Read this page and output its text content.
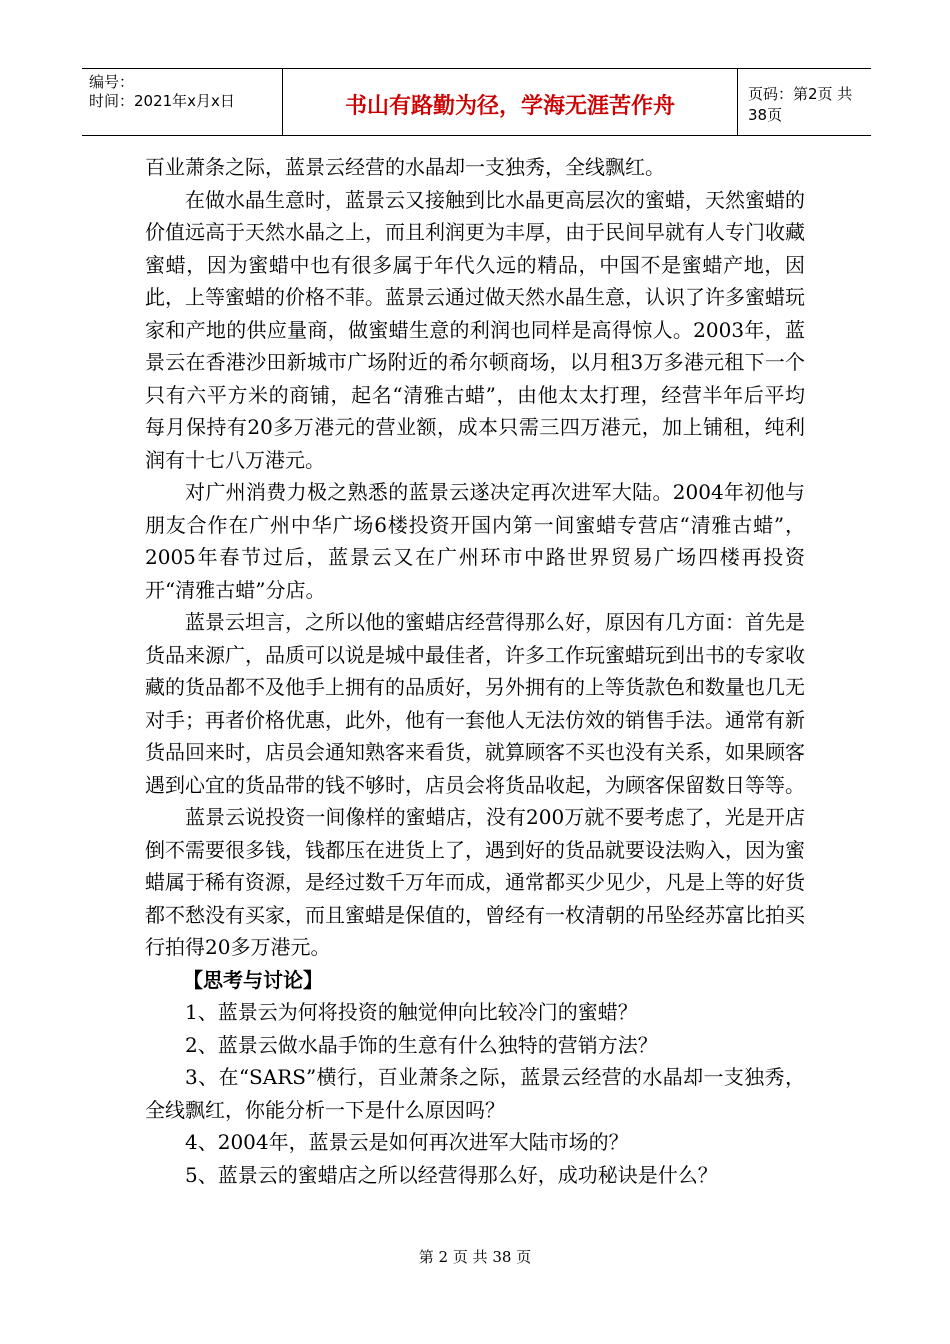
编号：
时间：2021年x月x日	书山有路勤为径，学海无涯苦作舟	页码：第2页 共38页

百业萧条之际，蓝景云经营的水晶却一支独秀，全线飘红。

在做水晶生意时，蓝景云又接触到比水晶更高层次的蜜蜡，天然蜜蜡的价值远高于天然水晶之上，而且利润更为丰厚，由于民间早就有人专门收藏蜜蜡，因为蜜蜡中也有很多属于年代久远的精品，中国不是蜜蜡产地，因此，上等蜜蜡的价格不菲。蓝景云通过做天然水晶生意，认识了许多蜜蜡玩家和产地的供应量商，做蜜蜡生意的利润也同样是高得惊人。2003年，蓝景云在香港沙田新城市广场附近的希尔顿商场，以月租3万多港元租下一个只有六平方米的商铺，起名“清雅古蜡”，由他太太打理，经营半年后平均每月保持有20多万港元的营业额，成本只需三四万港元，加上铺租，纯利润有十七八万港元。

对广州消费力极之熟悉的蓝景云遂决定再次进军大陆。2004年初他与朋友合作在广州中华广场6楼投资开国内第一间蜜蜡专营店“清雅古蜡”，2005年春节过后，蓝景云又在广州环市中路世界贸易广场四楼再投资开“清雅古蜡”分店。

蓝景云坦言，之所以他的蜜蜡店经营得那么好，原因有几方面：首先是货品来源广，品质可以说是城中最佳者，许多工作玩蜜蜡玩到出书的专家收藏的货品都不及他手上拥有的品质好，另外拥有的上等货款色和数量也几无对手；再者价格优惠，此外，他有一套他人无法仿效的销售手法。通常有新货品回来时，店员会通知熟客来看货，就算顾客不买也没有关系，如果顾客遇到心宜的货品带的钱不够时，店员会将货品收起，为顾客保留数日等等。

蓝景云说投资一间像样的蜜蜡店，没有200万就不要考虑了，光是开店倒不需要很多钱，钱都压在进货上了，遇到好的货品就要设法购入，因为蜜蜡属于稀有资源，是经过数千万年而成，通常都买少见少，凡是上等的好货都不愁没有买家，而且蜜蜡是保值的，曾经有一枚清朝的吊坠经苏富比拍买行拍得20多万港元。

【思考与讨论】

1、蓝景云为何将投资的触觉伸向比较冷门的蜜蜡？

2、蓝景云做水晶手饰的生意有什么独特的营销方法？

3、在“SARS”横行，百业萧条之际，蓝景云经营的水晶却一支独秀，全线飘红，你能分析一下是什么原因吗？

4、2004年，蓝景云是如何再次进军大陆市场的？

5、蓝景云的蜜蜡店之所以经营得那么好，成功秘诀是什么？

第 2 页 共 38 页
